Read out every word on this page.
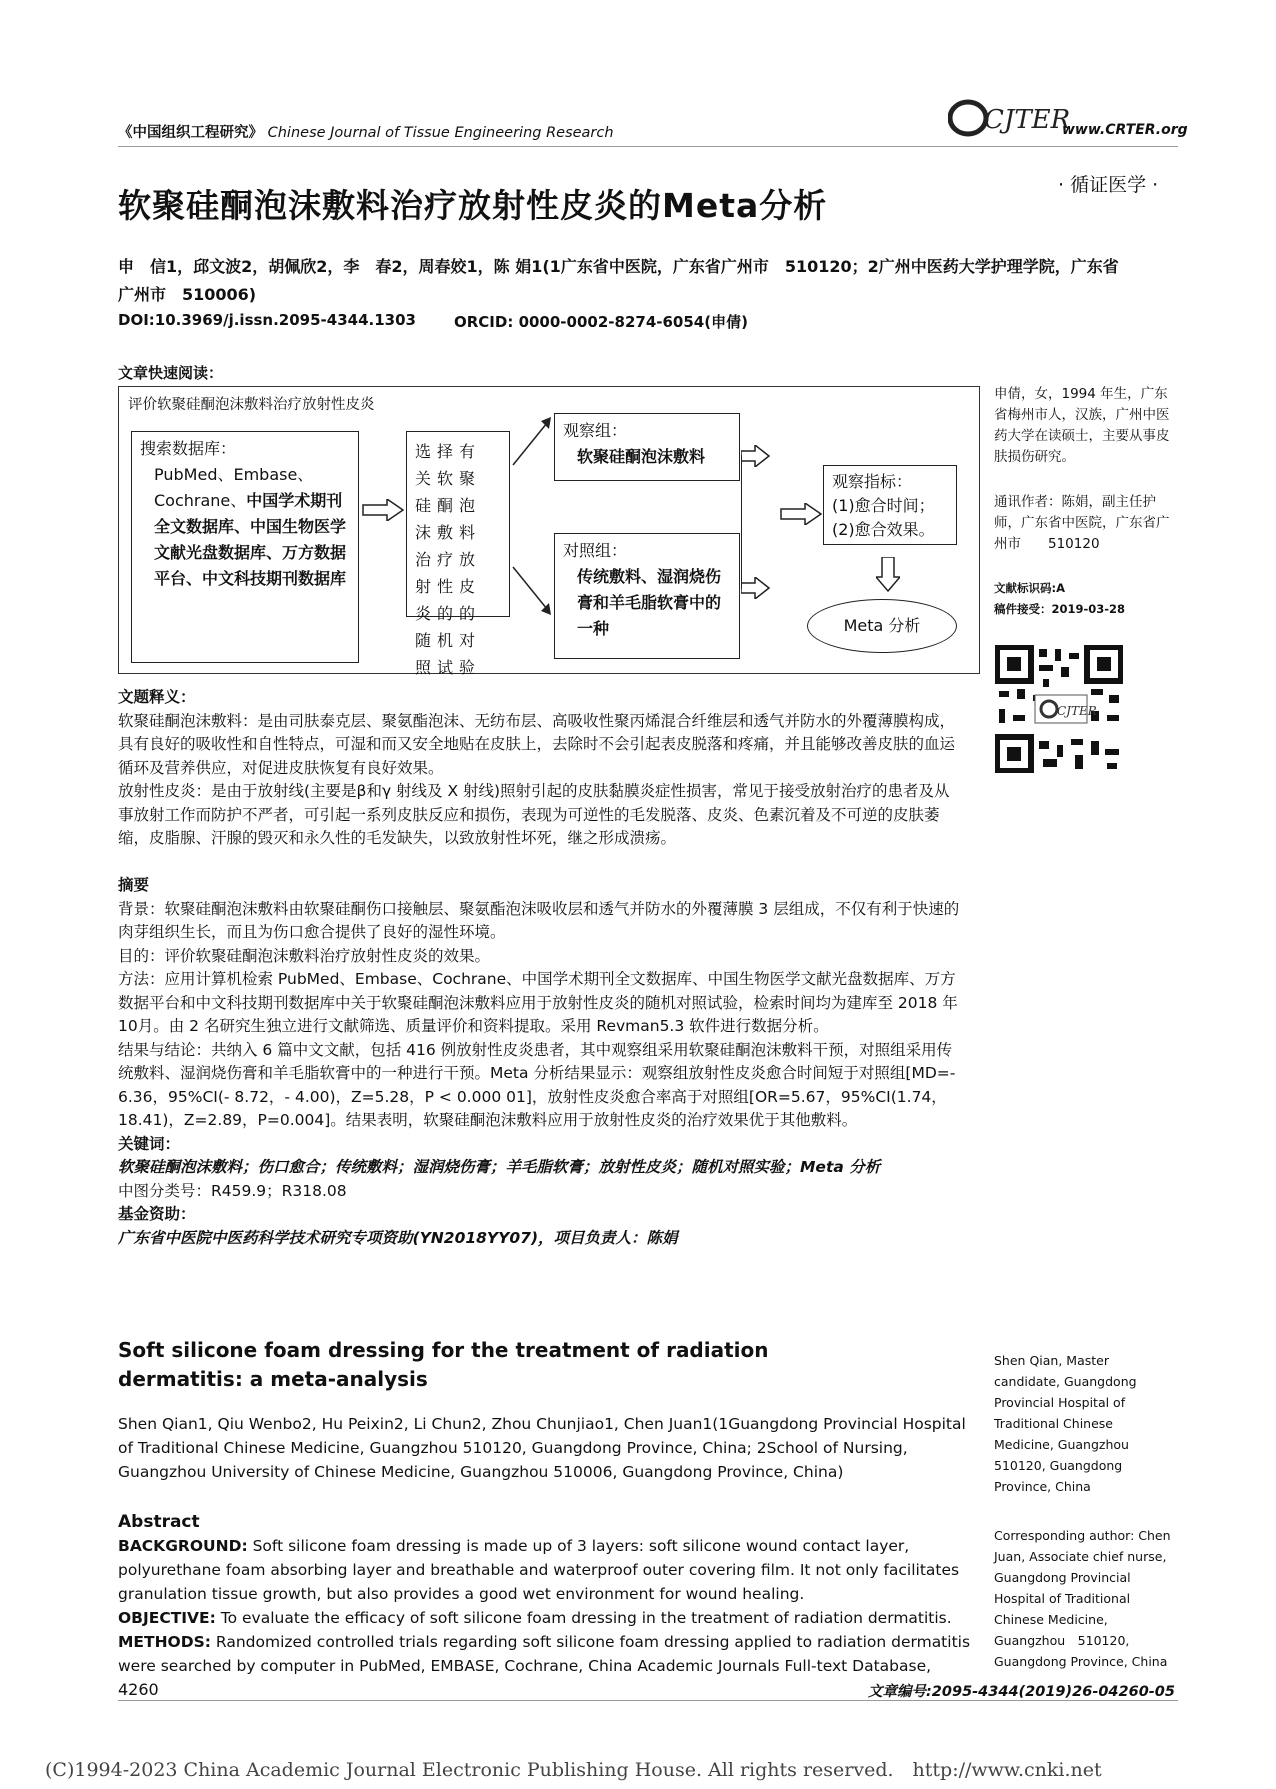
《中国组织工程研究》 Chinese Journal of Tissue Engineering Research	CJTER
www.CRTER.org
· 循证医学 ·
软聚硅酮泡沫敷料治疗放射性皮炎的Meta分析
申　信1，邱文波2，胡佩欣2，李　春2，周春姣1，陈 娟1(1广东省中医院，广东省广州市　510120；2广州中医药大学护理学院，广东省
广州市　510006)
DOI:10.3969/j.issn.2095-4344.1303	ORCID: 0000-0002-8274-6054(申倩)
文章快速阅读：
评价软聚硅酮泡沫敷料治疗放射性皮炎
搜索数据库：
PubMed、Embase、Cochrane、中国学术期刊全文数据库、中国生物医学文献光盘数据库、万方数据平台、中文科技期刊数据库
选择有关软聚硅酮泡沫敷料治疗放射性皮炎的的随机对照试验
观察组：
软聚硅酮泡沫敷料
对照组：
传统敷料、湿润烧伤膏和羊毛脂软膏中的一种
观察指标：
(1)愈合时间；
(2)愈合效果。
Meta 分析
申倩，女，1994 年生，广东省梅州市人，汉族，广州中医药大学在读硕士，主要从事皮肤损伤研究。
通讯作者：陈娟，副主任护师，广东省中医院，广东省广州市　　510120
文献标识码:A
稿件接受：2019-03-28
CJTER

文题释义：

软聚硅酮泡沫敷料：是由司肤泰克层、聚氨酯泡沫、无纺布层、高吸收性聚丙烯混合纤维层和透气并防水的外覆薄膜构成，具有良好的吸收性和自性特点，可湿和而又安全地贴在皮肤上，去除时不会引起表皮脱落和疼痛，并且能够改善皮肤的血运循环及营养供应，对促进皮肤恢复有良好效果。

放射性皮炎：是由于放射线(主要是β和γ 射线及 X 射线)照射引起的皮肤黏膜炎症性损害，常见于接受放射治疗的患者及从事放射工作而防护不严者，可引起一系列皮肤反应和损伤，表现为可逆性的毛发脱落、皮炎、色素沉着及不可逆的皮肤萎缩，皮脂腺、汗腺的毁灭和永久性的毛发缺失，以致放射性坏死，继之形成溃疡。

摘要

背景：软聚硅酮泡沫敷料由软聚硅酮伤口接触层、聚氨酯泡沫吸收层和透气并防水的外覆薄膜 3 层组成，不仅有利于快速的肉芽组织生长，而且为伤口愈合提供了良好的湿性环境。

目的：评价软聚硅酮泡沫敷料治疗放射性皮炎的效果。

方法：应用计算机检索 PubMed、Embase、Cochrane、中国学术期刊全文数据库、中国生物医学文献光盘数据库、万方数据平台和中文科技期刊数据库中关于软聚硅酮泡沫敷料应用于放射性皮炎的随机对照试验，检索时间均为建库至 2018 年 10月。由 2 名研究生独立进行文献筛选、质量评价和资料提取。采用 Revman5.3 软件进行数据分析。

结果与结论：共纳入 6 篇中文文献，包括 416 例放射性皮炎患者，其中观察组采用软聚硅酮泡沫敷料干预，对照组采用传统敷料、湿润烧伤膏和羊毛脂软膏中的一种进行干预。Meta 分析结果显示：观察组放射性皮炎愈合时间短于对照组[MD=- 6.36，95%CI(- 8.72，- 4.00)，Z=5.28，P < 0.000 01]，放射性皮炎愈合率高于对照组[OR=5.67，95%CI(1.74，18.41)，Z=2.89，P=0.004]。结果表明，软聚硅酮泡沫敷料应用于放射性皮炎的治疗效果优于其他敷料。

关键词：

软聚硅酮泡沫敷料；伤口愈合；传统敷料；湿润烧伤膏；羊毛脂软膏；放射性皮炎；随机对照实验；Meta 分析

中图分类号：R459.9；R318.08

基金资助：

广东省中医院中医药科学技术研究专项资助(YN2018YY07)，项目负责人：陈娟

Soft silicone foam dressing for the treatment of radiation dermatitis: a meta-analysis
Shen Qian1, Qiu Wenbo2, Hu Peixin2, Li Chun2, Zhou Chunjiao1, Chen Juan1(1Guangdong Provincial Hospital of Traditional Chinese Medicine, Guangzhou 510120, Guangdong Province, China; 2School of Nursing, Guangzhou University of Chinese Medicine, Guangzhou 510006, Guangdong Province, China)

Abstract

BACKGROUND: Soft silicone foam dressing is made up of 3 layers: soft silicone wound contact layer, polyurethane foam absorbing layer and breathable and waterproof outer covering film. It not only facilitates granulation tissue growth, but also provides a good wet environment for wound healing.

OBJECTIVE: To evaluate the efficacy of soft silicone foam dressing in the treatment of radiation dermatitis.

METHODS: Randomized controlled trials regarding soft silicone foam dressing applied to radiation dermatitis were searched by computer in PubMed, EMBASE, Cochrane, China Academic Journals Full-text Database,

Shen Qian, Master candidate, Guangdong Provincial Hospital of Traditional Chinese Medicine, Guangzhou 510120, Guangdong Province, China
Corresponding author: Chen Juan, Associate chief nurse, Guangdong Provincial Hospital of Traditional Chinese Medicine, Guangzhou　510120, Guangdong Province, China
4260	文章编号:2095-4344(2019)26-04260-05
(C)1994-2023 China Academic Journal Electronic Publishing House. All rights reserved.　http://www.cnki.net
